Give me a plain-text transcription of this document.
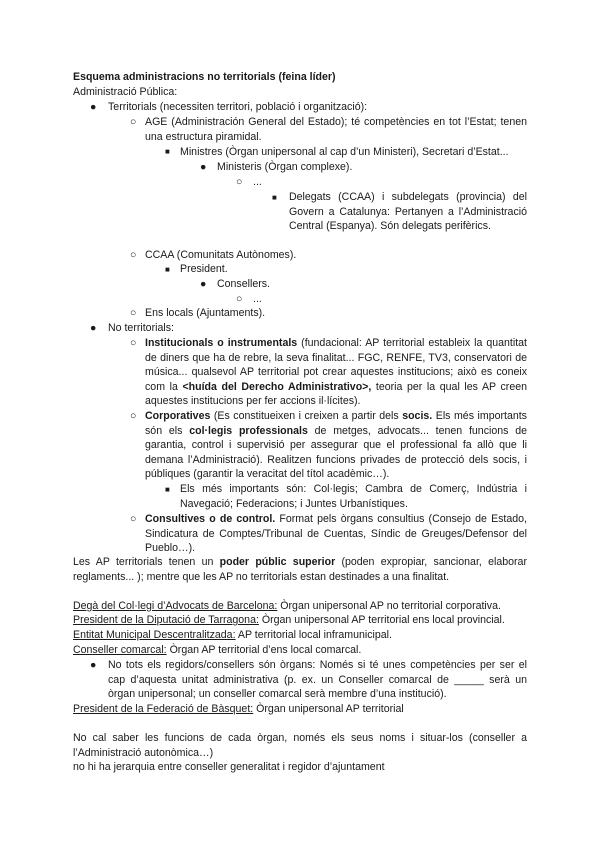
Esquema administracions no territorials (feina líder)
Administració Pública:
● Territorials (necessiten territori, població i organització):
○ AGE (Administración General del Estado); té competències en tot l’Estat; tenen una estructura piramidal.
■ Ministres (Òrgan unipersonal al cap d’un Ministeri), Secretari d’Estat...
● Ministeris (Òrgan complexe).
○ ...
■ Delegats (CCAA) i subdelegats (provincia) del Govern a Catalunya: Pertanyen a l’Administració Central (Espanya). Són delegats perifèrics.
○ CCAA (Comunitats Autònomes).
■ President.
● Consellers.
○ ...
○ Ens locals (Ajuntaments).
● No territorials:
○ Institucionals o instrumentals (fundacional: AP territorial estableix la quantitat de diners que ha de rebre, la seva finalitat... FGC, RENFE, TV3, conservatori de música... qualsevol AP territorial pot crear aquestes institucions; això es coneix com la <huída del Derecho Administrativo>, teoria per la qual les AP creen aquestes institucions per fer accions il·lícites).
○ Corporatives (Es constitueixen i creixen a partir dels socis. Els més importants són els col·legis professionals de metges, advocats... tenen funcions de garantia, control i supervisió per assegurar que el professional fa allò que li demana l’Administració). Realitzen funcions privades de protecció dels socis, i públiques (garantir la veracitat del títol acadèmic…).
■ Els més importants són: Col·legis; Cambra de Comerç, Indústria i Navegació; Federacions; i Juntes Urbanístiques.
○ Consultives o de control. Format pels òrgans consultius (Consejo de Estado, Sindicatura de Comptes/Tribunal de Cuentas, Síndic de Greuges/Defensor del Pueblo…).
Les AP territorials tenen un poder públic superior (poden expropiar, sancionar, elaborar reglaments... ); mentre que les AP no territorials estan destinades a una finalitat.
Degà del Col·legi d’Advocats de Barcelona: Òrgan unipersonal AP no territorial corporativa.
President de la Diputació de Tarragona: Òrgan unipersonal AP territorial ens local provincial.
Entitat Municipal Descentralitzada: AP territorial local inframunicipal.
Conseller comarcal: Òrgan AP territorial d’ens local comarcal.
● No tots els regidors/consellers són òrgans: Només si té unes competències per ser el cap d’aquesta unitat administrativa (p. ex. un Conseller comarcal de _____ serà un òrgan unipersonal; un conseller comarcal serà membre d’una institució).
President de la Federació de Bàsquet: Òrgan unipersonal AP territorial
No cal saber les funcions de cada òrgan, només els seus noms i situar-los (conseller a l’Administració autonòmica…)
no hi ha jerarquia entre conseller generalitat i regidor d’ajuntament
